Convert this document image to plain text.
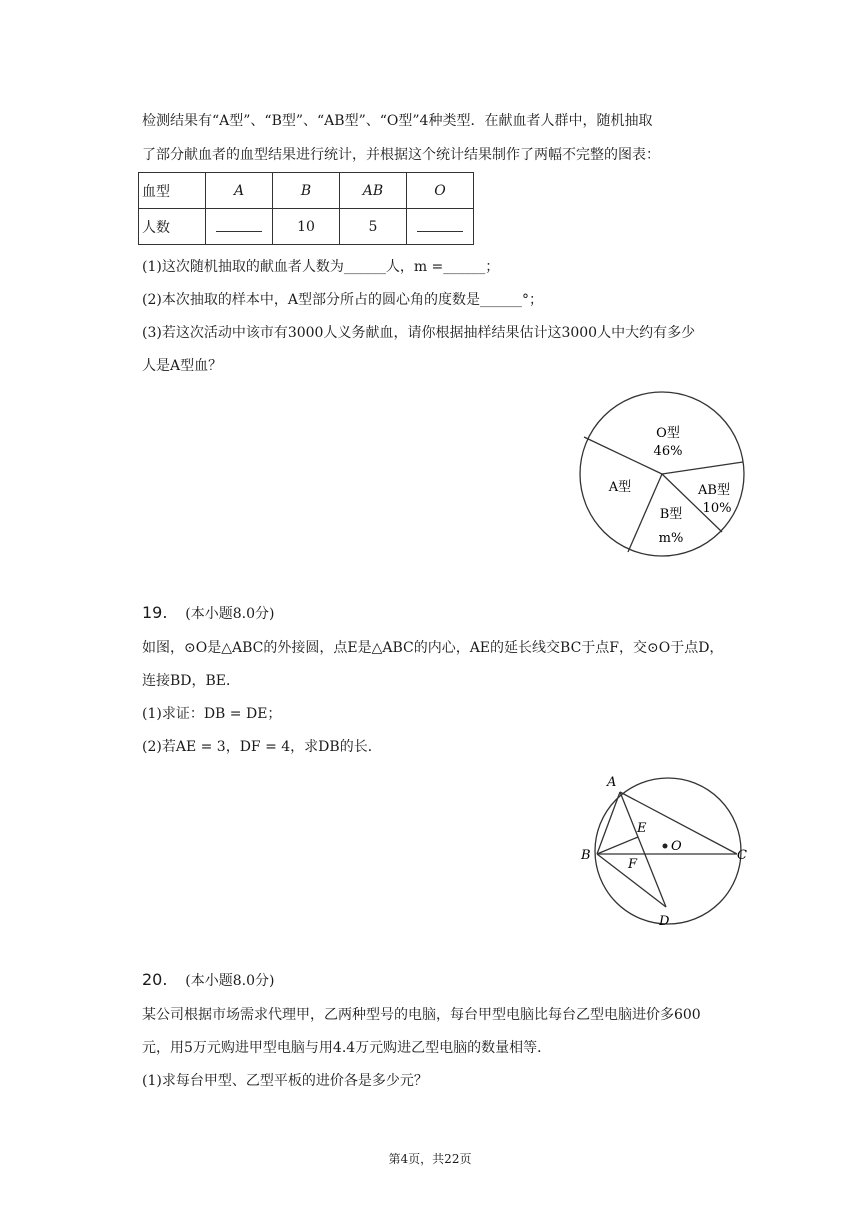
检测结果有“A型”、“B型”、“AB型”、“O型”4种类型．在献血者人群中，随机抽取
了部分献血者的血型结果进行统计，并根据这个统计结果制作了两幅不完整的图表：
血型	A	B	AB	O
人数		10	5	
(1)这次随机抽取的献血者人数为______人，m =______；
(2)本次抽取的样本中，A型部分所占的圆心角的度数是______°；
(3)若这次活动中该市有3000人义务献血，请你根据抽样结果估计这3000人中大约有多少
人是A型血？
O型
46%
A型	AB型
10%
B型
m%
19. (本小题8.0分)
如图，⊙O是△ABC的外接圆，点E是△ABC的内心，AE的延长线交BC于点F，交⊙O于点D，
连接BD，BE．
(1)求证：DB = DE；
(2)若AE = 3，DF = 4，求DB的长．
A
B	C
D
E
F
O
20. (本小题8.0分)
某公司根据市场需求代理甲，乙两种型号的电脑，每台甲型电脑比每台乙型电脑进价多600
元，用5万元购进甲型电脑与用4.4万元购进乙型电脑的数量相等．
(1)求每台甲型、乙型平板的进价各是多少元？
第4页，共22页
